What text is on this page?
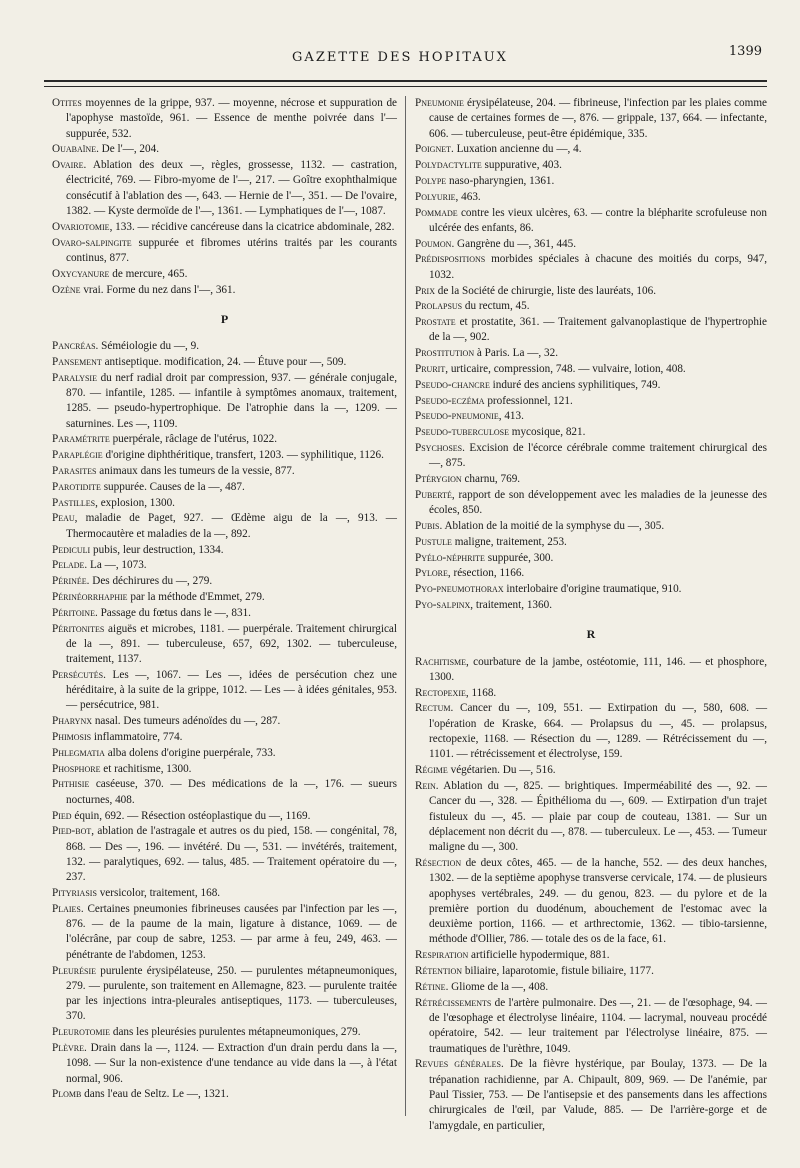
GAZETTE DES HOPITAUX	1399
Otites moyennes de la grippe, 937. — moyenne, nécrose et suppuration de l'apophyse mastoïde, 961. — Essence de menthe poivrée dans l'— suppurée, 532.
Ouabaïne. De l'—, 204.
Ovaire. Ablation des deux —, règles, grossesse, 1132. — castration, électricité, 769. — Fibro-myome de l'—, 217. — Goître exophthalmique consécutif à l'ablation des —, 643. — Hernie de l'—, 351. — De l'ovaire, 1382. — Kyste dermoïde de l'—, 1361. — Lymphatiques de l'—, 1087.
Ovariotomie, 133. — récidive cancéreuse dans la cicatrice abdominale, 282.
Ovaro-salpingite suppurée et fibromes utérins traités par les courants continus, 877.
Oxycyanure de mercure, 465.
Ozène vrai. Forme du nez dans l'—, 361.
P
Pancréas. Séméiologie du —, 9.
Pansement antiseptique. modification, 24. — Étuve pour —, 509.
Paralysie du nerf radial droit par compression, 937. — générale conjugale, 870. — infantile, 1285. — infantile à symptômes anomaux, traitement, 1285. — pseudo-hypertrophique. De l'atrophie dans la —, 1209. — saturnines. Les —, 1109.
Paramétrite puerpérale, râclage de l'utérus, 1022.
Paraplégie d'origine diphthéritique, transfert, 1203. — syphilitique, 1126.
Parasites animaux dans les tumeurs de la vessie, 877.
Parotidite suppurée. Causes de la —, 487.
Pastilles, explosion, 1300.
Peau, maladie de Paget, 927. — Œdème aigu de la —, 913. — Thermocautère et maladies de la —, 892.
Pediculi pubis, leur destruction, 1334.
Pelade. La —, 1073.
Périnée. Des déchirures du —, 279.
Périnéorrhaphie par la méthode d'Emmet, 279.
Péritoine. Passage du fœtus dans le —, 831.
Péritonites aiguës et microbes, 1181. — puerpérale. Traitement chirurgical de la —, 891. — tuberculeuse, 657, 692, 1302. — tuberculeuse, traitement, 1137.
Persécutés. Les —, 1067. — Les —, idées de persécution chez une héréditaire, à la suite de la grippe, 1012. — Les — à idées génitales, 953. — persécutrice, 981.
Pharynx nasal. Des tumeurs adénoïdes du —, 287.
Phimosis inflammatoire, 774.
Phlegmatia alba dolens d'origine puerpérale, 733.
Phosphore et rachitisme, 1300.
Phthisie caséeuse, 370. — Des médications de la —, 176. — sueurs nocturnes, 408.
Pied équin, 692. — Résection ostéoplastique du —, 1169.
Pied-bot, ablation de l'astragale et autres os du pied, 158. — congénital, 78, 868. — Des —, 196. — invétéré. Du —, 531. — invétérés, traitement, 132. — paralytiques, 692. — talus, 485. — Traitement opératoire du —, 237.
Pityriasis versicolor, traitement, 168.
Plaies. Certaines pneumonies fibrineuses causées par l'infection par les —, 876. — de la paume de la main, ligature à distance, 1069. — de l'olécrâne, par coup de sabre, 1253. — par arme à feu, 249, 463. — pénétrante de l'abdomen, 1253.
Pleurésie purulente érysipélateuse, 250. — purulentes métapneumoniques, 279. — purulente, son traitement en Allemagne, 823. — purulente traitée par les injections intra-pleurales antiseptiques, 1173. — tuberculeuses, 370.
Pleurotomie dans les pleurésies purulentes métapneumoniques, 279.
Plèvre. Drain dans la —, 1124. — Extraction d'un drain perdu dans la —, 1098. — Sur la non-existence d'une tendance au vide dans la —, à l'état normal, 906.
Plomb dans l'eau de Seltz. Le —, 1321.
Pneumonie érysipélateuse, 204. — fibrineuse, l'infection par les plaies comme cause de certaines formes de —, 876. — grippale, 137, 664. — infectante, 606. — tuberculeuse, peut-être épidémique, 335.
Poignet. Luxation ancienne du —, 4.
Polydactylite suppurative, 403.
Polype naso-pharyngien, 1361.
Polyurie, 463.
Pommade contre les vieux ulcères, 63. — contre la blépharite scrofuleuse non ulcérée des enfants, 86.
Poumon. Gangrène du —, 361, 445.
Prédispositions morbides spéciales à chacune des moitiés du corps, 947, 1032.
Prix de la Société de chirurgie, liste des lauréats, 106.
Prolapsus du rectum, 45.
Prostate et prostatite, 361. — Traitement galvanoplastique de l'hypertrophie de la —, 902.
Prostitution à Paris. La —, 32.
Prurit, urticaire, compression, 748. — vulvaire, lotion, 408.
Pseudo-chancre induré des anciens syphilitiques, 749.
Pseudo-eczéma professionnel, 121.
Pseudo-pneumonie, 413.
Pseudo-tuberculose mycosique, 821.
Psychoses. Excision de l'écorce cérébrale comme traitement chirurgical des —, 875.
Ptérygion charnu, 769.
Puberté, rapport de son développement avec les maladies de la jeunesse des écoles, 850.
Pubis. Ablation de la moitié de la symphyse du —, 305.
Pustule maligne, traitement, 253.
Pyélo-néphrite suppurée, 300.
Pylore, résection, 1166.
Pyo-pneumothorax interlobaire d'origine traumatique, 910.
Pyo-salpinx, traitement, 1360.
R
Rachitisme, courbature de la jambe, ostéotomie, 111, 146. — et phosphore, 1300.
Rectopexie, 1168.
Rectum. Cancer du —, 109, 551. — Extirpation du —, 580, 608. — l'opération de Kraske, 664. — Prolapsus du —, 45. — prolapsus, rectopexie, 1168. — Résection du —, 1289. — Rétrécissement du —, 1101. — rétrécissement et électrolyse, 159.
Régime végétarien. Du —, 516.
Rein. Ablation du —, 825. — brightiques. Imperméabilité des —, 92. — Cancer du —, 328. — Épithélioma du —, 609. — Extirpation d'un trajet fistuleux du —, 45. — plaie par coup de couteau, 1381. — Sur un déplacement non décrit du —, 878. — tuberculeux. Le —, 453. — Tumeur maligne du —, 300.
Résection de deux côtes, 465. — de la hanche, 552. — des deux hanches, 1302. — de la septième apophyse transverse cervicale, 174. — de plusieurs apophyses vertébrales, 249. — du genou, 823. — du pylore et de la première portion du duodénum, abouchement de l'estomac avec la deuxième portion, 1166. — et arthrectomie, 1362. — tibio-tarsienne, méthode d'Ollier, 786. — totale des os de la face, 61.
Respiration artificielle hypodermique, 881.
Rétention biliaire, laparotomie, fistule biliaire, 1177.
Rétine. Gliome de la —, 408.
Rétrécissements de l'artère pulmonaire. Des —, 21. — de l'œsophage, 94. — de l'œsophage et électrolyse linéaire, 1104. — lacrymal, nouveau procédé opératoire, 542. — leur traitement par l'électrolyse linéaire, 875. — traumatiques de l'urèthre, 1049.
Revues générales. De la fièvre hystérique, par Boulay, 1373. — De la trépanation rachidienne, par A. Chipault, 809, 969. — De l'anémie, par Paul Tissier, 753. — De l'antisepsie et des pansements dans les affections chirurgicales de l'œil, par Valude, 885. — De l'arrière-gorge et de l'amygdale, en particulier,
